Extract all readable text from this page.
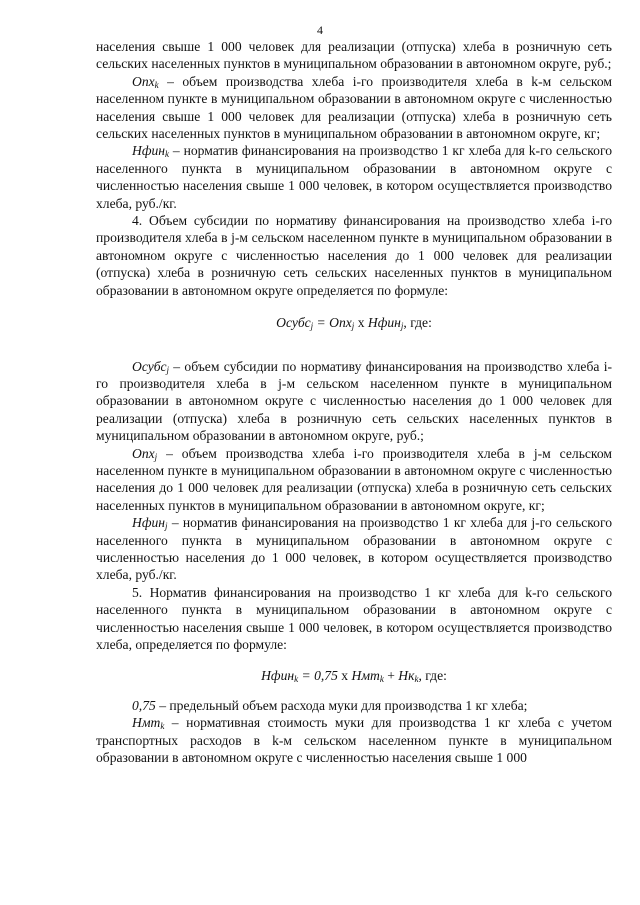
4

населения свыше 1 000 человек для реализации (отпуска) хлеба в розничную сеть сельских населенных пунктов в муниципальном образовании в автономном округе, руб.;

Опх$_k$ – объем производства хлеба i-го производителя хлеба в k-м сельском населенном пункте в муниципальном образовании в автономном округе с численностью населения свыше 1 000 человек для реализации (отпуска) хлеба в розничную сеть сельских населенных пунктов в муниципальном образовании в автономном округе, кг;

Нфин$_k$ – норматив финансирования на производство 1 кг хлеба для k-го сельского населенного пункта в муниципальном образовании в автономном округе с численностью населения свыше 1 000 человек, в котором осуществляется производство хлеба, руб./кг.

4. Объем субсидии по нормативу финансирования на производство хлеба i-го производителя хлеба в j-м сельском населенном пункте в муниципальном образовании в автономном округе с численностью населения до 1 000 человек для реализации (отпуска) хлеба в розничную сеть сельских населенных пунктов в муниципальном образовании в автономном округе определяется по формуле:

Осубс$_j$ = Опх$_j$ х Нфин$_j$, где:

Осубс$_j$ – объем субсидии по нормативу финансирования на производство хлеба i-го производителя хлеба в j-м сельском населенном пункте в муниципальном образовании в автономном округе с численностью населения до 1 000 человек для реализации (отпуска) хлеба в розничную сеть сельских населенных пунктов в муниципальном образовании в автономном округе, руб.;

Опх$_j$ – объем производства хлеба i-го производителя хлеба в j-м сельском населенном пункте в муниципальном образовании в автономном округе с численностью населения до 1 000 человек для реализации (отпуска) хлеба в розничную сеть сельских населенных пунктов в муниципальном образовании в автономном округе, кг;

Нфин$_j$ – норматив финансирования на производство 1 кг хлеба для j-го сельского населенного пункта в муниципальном образовании в автономном округе с численностью населения до 1 000 человек, в котором осуществляется производство хлеба, руб./кг.

5. Норматив финансирования на производство 1 кг хлеба для k-го сельского населенного пункта в муниципальном образовании в автономном округе с численностью населения свыше 1 000 человек, в котором осуществляется производство хлеба, определяется по формуле:

Нфин$_k$ = 0,75 х $Нмт_k + Нк_k$, где:

0,75 – предельный объем расхода муки для производства 1 кг хлеба;

Нмт$_k$ – нормативная стоимость муки для производства 1 кг хлеба с учетом транспортных расходов в k-м сельском населенном пункте в муниципальном образовании в автономном округе с численностью населения свыше 1 000
